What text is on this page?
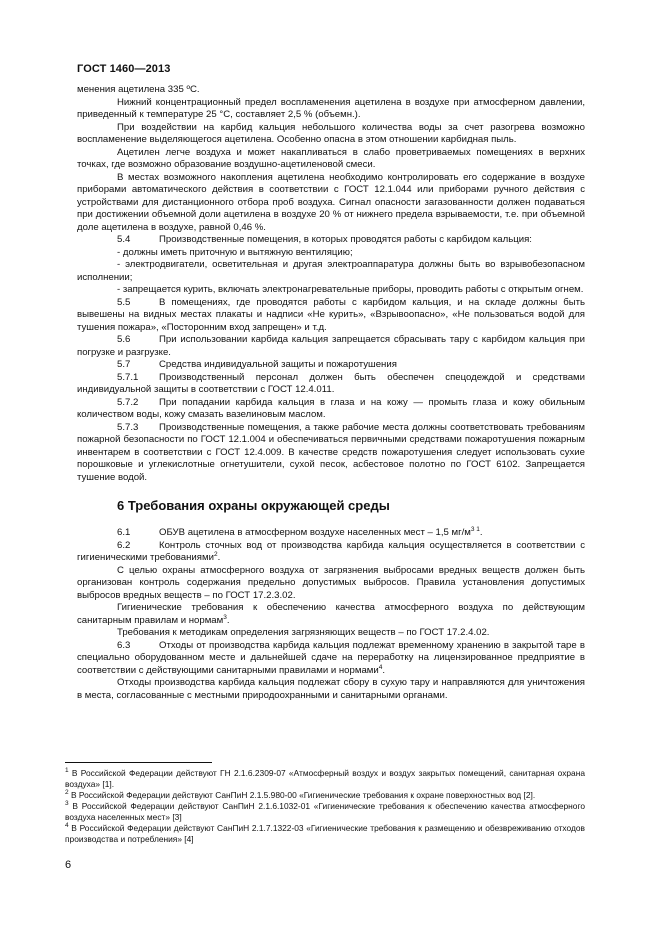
ГОСТ 1460—2013

менения ацетилена 335 ºС.

Нижний концентрационный предел воспламенения ацетилена в воздухе при атмосферном давлении, приведенный к температуре 25 °С, составляет 2,5 % (объемн.).

При воздействии на карбид кальция небольшого количества воды за счет разогрева возможно воспламенение выделяющегося ацетилена. Особенно опасна в этом отношении карбидная пыль.

Ацетилен легче воздуха и может накапливаться в слабо проветриваемых помещениях в верхних точках, где возможно образование воздушно-ацетиленовой смеси.

В местах возможного накопления ацетилена необходимо контролировать его содержание в воздухе приборами автоматического действия в соответствии с ГОСТ 12.1.044 или приборами ручного действия с устройствами для дистанционного отбора проб воздуха. Сигнал опасности загазованности должен подаваться при достижении объемной доли ацетилена в воздухе 20 % от нижнего предела взрываемости, т.е. при объемной доле ацетилена в воздухе, равной 0,46 %.

5.4	Производственные помещения, в которых проводятся работы с карбидом кальция:

- должны иметь приточную и вытяжную вентиляцию;

- электродвигатели, осветительная и другая электроаппаратура должны быть во взрывобезопасном исполнении;

- запрещается курить, включать электронагревательные приборы, проводить работы с открытым огнем.

5.5	В помещениях, где проводятся работы с карбидом кальция, и на складе должны быть вывешены на видных местах плакаты и надписи «Не курить», «Взрывоопасно», «Не пользоваться водой для тушения пожара», «Посторонним вход запрещен» и т.д.

5.6	При использовании карбида кальция запрещается сбрасывать тару с карбидом кальция при погрузке и разгрузке.

5.7	Средства индивидуальной защиты и пожаротушения

5.7.1 Производственный персонал должен быть обеспечен спецодеждой и средствами индивидуальной защиты в соответствии с ГОСТ 12.4.011.

5.7.2 При попадании карбида кальция в глаза и на кожу — промыть глаза и кожу обильным количеством воды, кожу смазать вазелиновым маслом.

5.7.3 Производственные помещения, а также рабочие места должны соответствовать требованиям пожарной безопасности по ГОСТ 12.1.004 и обеспечиваться первичными средствами пожаротушения пожарным инвентарем в соответствии с ГОСТ 12.4.009. В качестве средств пожаротушения следует использовать сухие порошковые и углекислотные огнетушители, сухой песок, асбестовое полотно по ГОСТ 6102. Запрещается тушение водой.

6 Требования охраны окружающей среды

6.1	ОБУВ ацетилена в атмосферном воздухе населенных мест – 1,5 $мг/м^{3 1}$.

6.2	Контроль сточных вод от производства карбида кальция осуществляется в соответствии с гигиеническими требованиями$^2$.

С целью охраны атмосферного воздуха от загрязнения выбросами вредных веществ должен быть организован контроль содержания предельно допустимых выбросов. Правила установления допустимых выбросов вредных веществ – по ГОСТ 17.2.3.02.

Гигиенические требования к обеспечению качества атмосферного воздуха по действующим санитарным правилам и нормам$^3$.

Требования к методикам определения загрязняющих веществ – по ГОСТ 17.2.4.02.

6.3	Отходы от производства карбида кальция подлежат временному хранению в закрытой таре в специально оборудованном месте и дальнейшей сдаче на переработку на лицензированное предприятие в соответствии с действующими санитарными правилами и нормами$^4$.

Отходы производства карбида кальция подлежат сбору в сухую тару и направляются для уничтожения в места, согласованные с местными природоохранными и санитарными органами.

$^1$ В Российской Федерации действуют ГН 2.1.6.2309-07 «Атмосферный воздух и воздух закрытых помещений, санитарная охрана воздуха» [1].

$^2$ В Российской Федерации действуют СанПиН 2.1.5.980-00 «Гигиенические требования к охране поверхностных вод [2].

$^3$ В Российской Федерации действуют СанПиН 2.1.6.1032-01 «Гигиенические требования к обеспечению качества атмосферного воздуха населенных мест» [3]

$^4$ В Российской Федерации действуют СанПиН 2.1.7.1322-03 «Гигиенические требования к размещению и обезвреживанию отходов производства и потребления» [4]

6
